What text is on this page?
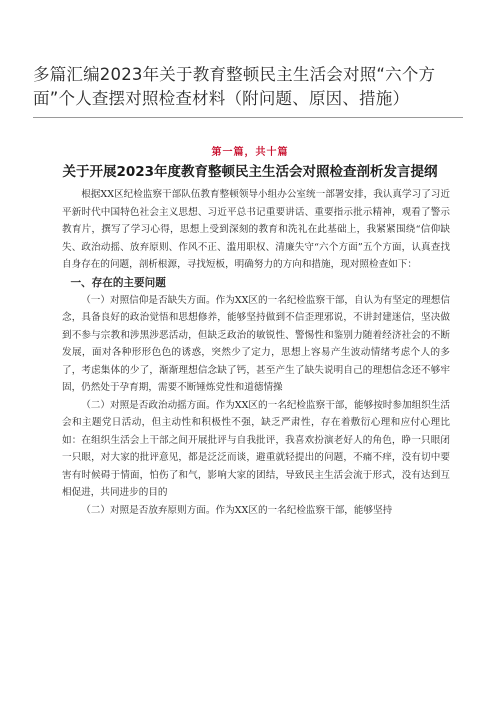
多篇汇编2023年关于教育整顿民主生活会对照“六个方面”个人查摆对照检查材料（附问题、原因、措施）
第一篇，共十篇
关于开展2023年度教育整顿民主生活会对照检查剖析发言提纲

根据XX区纪检监察干部队伍教育整顿领导小组办公室统一部署安排，我认真学习了习近平新时代中国特色社会主义思想、习近平总书记重要讲话、重要指示批示精神，观看了警示教育片，撰写了学习心得，思想上受到深刻的教育和洗礼在此基础上，我紧紧围绕“信仰缺失、政治动摇、放弃原则、作风不正、滥用职权、清廉失守“六个方面”五个方面，认真查找自身存在的问题，剖析根源，寻找短板，明确努力的方向和措施，现对照检查如下：

一、存在的主要问题

（一）对照信仰是否缺失方面。作为XX区的一名纪检监察干部，自认为有坚定的理想信念，具备良好的政治觉悟和思想修养，能够坚持做到不信歪理邪说，不讲封建迷信，坚决做到不参与宗教和涉黑涉恶活动，但缺乏政治的敏锐性、警惕性和鉴别力随着经济社会的不断发展，面对各种形形色色的诱惑，突然少了定力，思想上容易产生波动情绪考虑个人的多了，考虑集体的少了，渐渐理想信念缺了钙，甚至产生了缺失说明自己的理想信念还不够牢固，仍然处于孕育期，需要不断锤炼党性和道德情操

（二）对照是否政治动摇方面。作为XX区的一名纪检监察干部，能够按时参加组织生活会和主题党日活动，但主动性和积极性不强，缺乏严肃性，存在着敷衍心理和应付心理比如：在组织生活会上干部之间开展批评与自我批评，我喜欢扮演老好人的角色，睁一只眼闭一只眼，对大家的批评意见，都是泛泛而谈，避重就轻提出的问题，不痛不痒，没有切中要害有时候碍于情面，怕伤了和气，影响大家的团结，导致民主生活会流于形式，没有达到互相促进，共同进步的目的

（二）对照是否放弃原则方面。作为XX区的一名纪检监察干部，能够坚持
